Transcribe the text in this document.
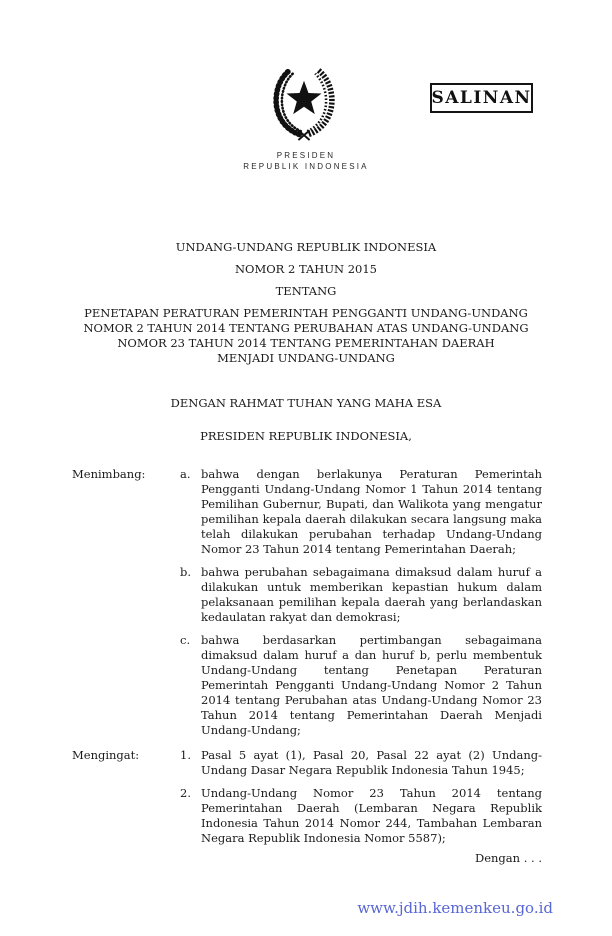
PRESIDEN
REPUBLIK INDONESIA
SALINAN
UNDANG-UNDANG REPUBLIK INDONESIA
NOMOR 2 TAHUN 2015
TENTANG
PENETAPAN PERATURAN PEMERINTAH PENGGANTI UNDANG-UNDANG
NOMOR 2 TAHUN 2014 TENTANG PERUBAHAN ATAS UNDANG-UNDANG
NOMOR 23 TAHUN 2014 TENTANG PEMERINTAHAN DAERAH
MENJADI UNDANG-UNDANG
DENGAN RAHMAT TUHAN YANG MAHA ESA
PRESIDEN REPUBLIK INDONESIA,
Menimbang:	a. bahwa dengan berlakunya Peraturan Pemerintah Pengganti Undang-Undang Nomor 1 Tahun 2014 tentang Pemilihan Gubernur, Bupati, dan Walikota yang mengatur pemilihan kepala daerah dilakukan secara langsung maka telah dilakukan perubahan terhadap Undang-Undang Nomor 23 Tahun 2014 tentang Pemerintahan Daerah;
b. bahwa perubahan sebagaimana dimaksud dalam huruf a dilakukan untuk memberikan kepastian hukum dalam pelaksanaan pemilihan kepala daerah yang berlandaskan kedaulatan rakyat dan demokrasi;
c. bahwa berdasarkan pertimbangan sebagaimana dimaksud dalam huruf a dan huruf b, perlu membentuk Undang-Undang tentang Penetapan Peraturan Pemerintah Pengganti Undang-Undang Nomor 2 Tahun 2014 tentang Perubahan atas Undang-Undang Nomor 23 Tahun 2014 tentang Pemerintahan Daerah Menjadi Undang-Undang;
Mengingat:	1. Pasal 5 ayat (1), Pasal 20, Pasal 22 ayat (2) Undang-Undang Dasar Negara Republik Indonesia Tahun 1945;
2. Undang-Undang Nomor 23 Tahun 2014 tentang Pemerintahan Daerah (Lembaran Negara Republik Indonesia Tahun 2014 Nomor 244, Tambahan Lembaran Negara Republik Indonesia Nomor 5587);
Dengan . . .
www.jdih.kemenkeu.go.id
